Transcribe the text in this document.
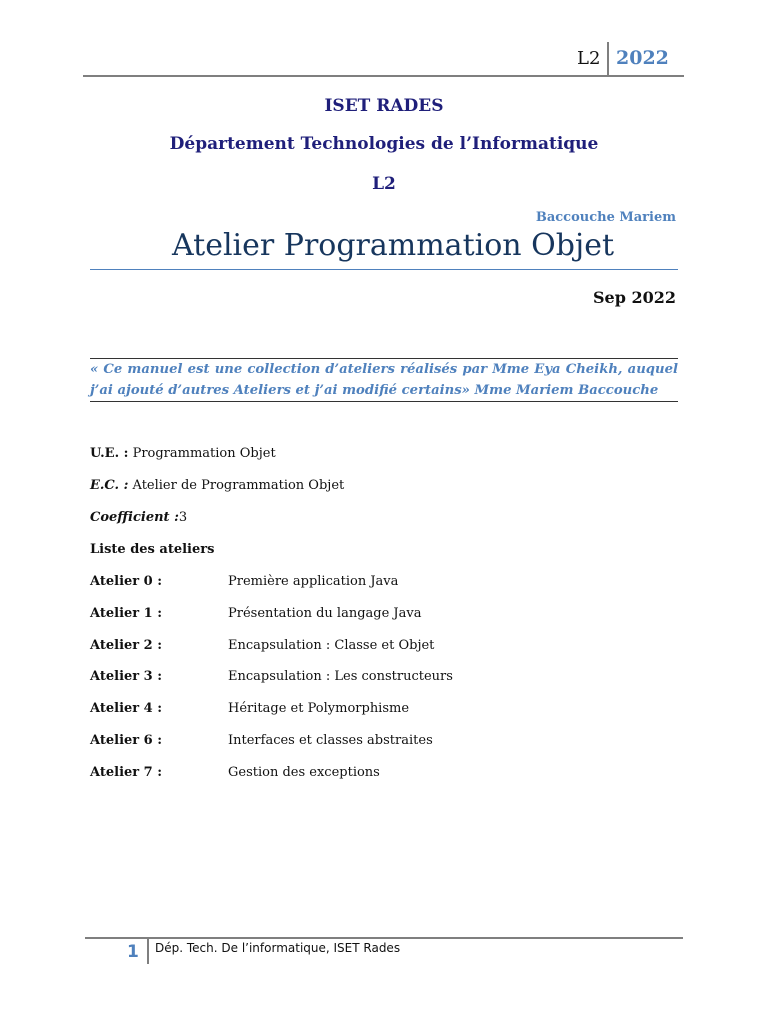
L2 2022
ISET RADES
Département Technologies de l’Informatique
L2
Baccouche Mariem
Atelier Programmation Objet
Sep 2022
« Ce manuel est une collection d’ateliers réalisés par Mme Eya Cheikh, auquel j’ai ajouté d’autres Ateliers et j’ai modifié certains» Mme Mariem Baccouche
U.E. : Programmation Objet
E.C. : Atelier de Programmation Objet
Coefficient :3
Liste des ateliers
Atelier 0 :	Première application Java
Atelier 1 :	Présentation du langage Java
Atelier 2 :	Encapsulation : Classe et Objet
Atelier 3 :	Encapsulation : Les constructeurs
Atelier 4 :	Héritage et Polymorphisme
Atelier 6 :	Interfaces et classes abstraites
Atelier 7 :	Gestion des exceptions
1 Dép. Tech. De l’informatique, ISET Rades
